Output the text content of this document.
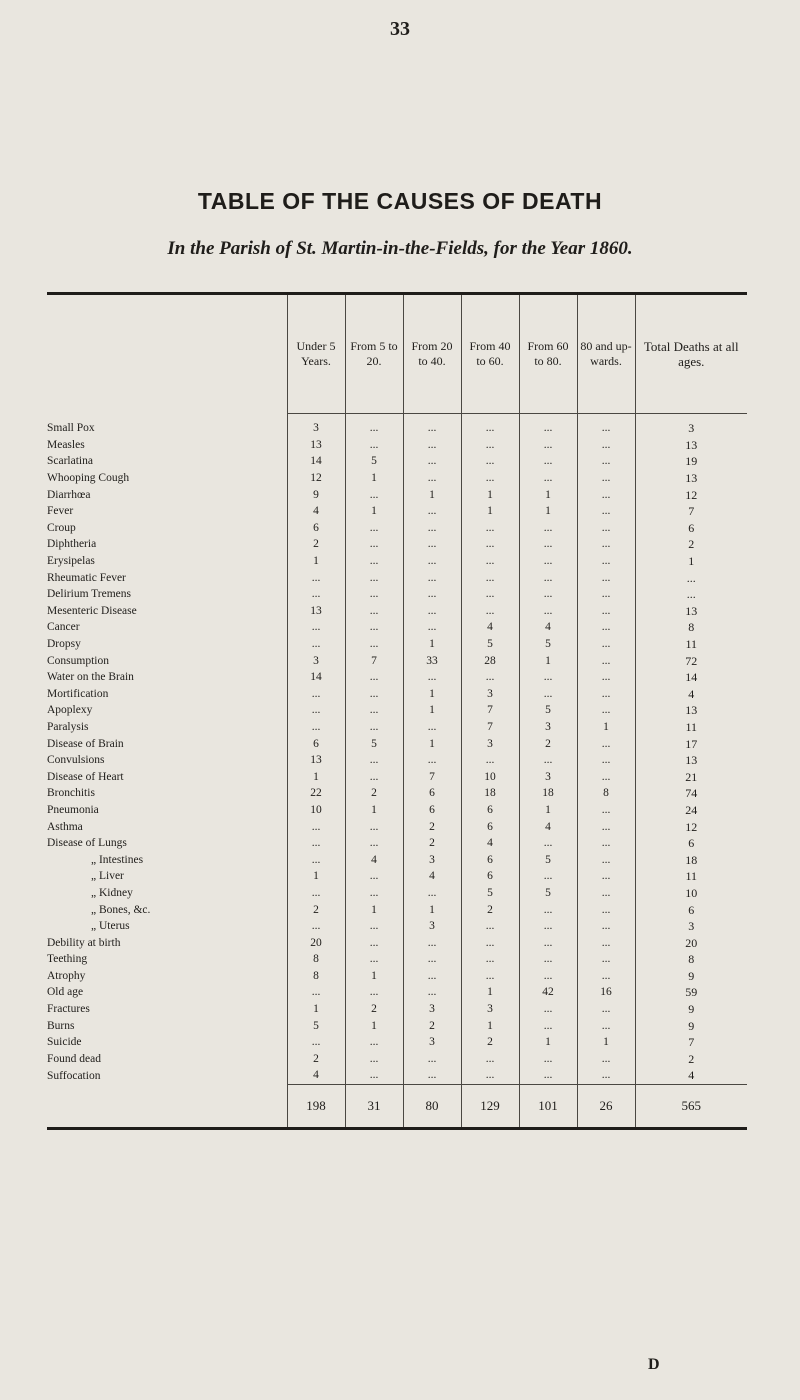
33
TABLE OF THE CAUSES OF DEATH
In the Parish of St. Martin-in-the-Fields, for the Year 1860.
	Under 5 Years.	From 5 to 20.	From 20 to 40.	From 40 to 60.	From 60 to 80.	80 and up-wards.	Total Deaths at all ages.

Small Pox	3	...	...	...	...	...	3
Measles	13	...	...	...	...	...	13
Scarlatina	14	5	...	...	...	...	19
Whooping Cough	12	1	...	...	...	...	13
Diarrhœa	9	...	1	1	1	...	12
Fever	4	1	...	1	1	...	7
Croup	6	...	...	...	...	...	6
Diphtheria	2	...	...	...	...	...	2
Erysipelas	1	...	...	...	...	...	1
Rheumatic Fever	...	...	...	...	...	...	...
Delirium Tremens	...	...	...	...	...	...	...
Mesenteric Disease	13	...	...	...	...	...	13
Cancer	...	...	...	4	4	...	8
Dropsy	...	...	1	5	5	...	11
Consumption	3	7	33	28	1	...	72
Water on the Brain	14	...	...	...	...	...	14
Mortification	...	...	1	3	...	...	4
Apoplexy	...	...	1	7	5	...	13
Paralysis	...	...	...	7	3	1	11
Disease of Brain	6	5	1	3	2	...	17
Convulsions	13	...	...	...	...	...	13
Disease of Heart	1	...	7	10	3	...	21
Bronchitis	22	2	6	18	18	8	74
Pneumonia	10	1	6	6	1	...	24
Asthma	...	...	2	6	4	...	12
Disease of Lungs	...	...	2	4	...	...	6
„ Intestines	...	4	3	6	5	...	18
„ Liver	1	...	4	6	...	...	11
„ Kidney	...	...	...	5	5	...	10
„ Bones, &c.	2	1	1	2	...	...	6
„ Uterus	...	...	3	...	...	...	3
Debility at birth	20	...	...	...	...	...	20
Teething	8	...	...	...	...	...	8
Atrophy	8	1	...	...	...	...	9
Old age	...	...	...	1	42	16	59
Fractures	1	2	3	3	...	...	9
Burns	5	1	2	1	...	...	9
Suicide	...	...	3	2	1	1	7
Found dead	2	...	...	...	...	...	2
Suffocation	4	...	...	...	...	...	4
	198	31	80	129	101	26	565
D
